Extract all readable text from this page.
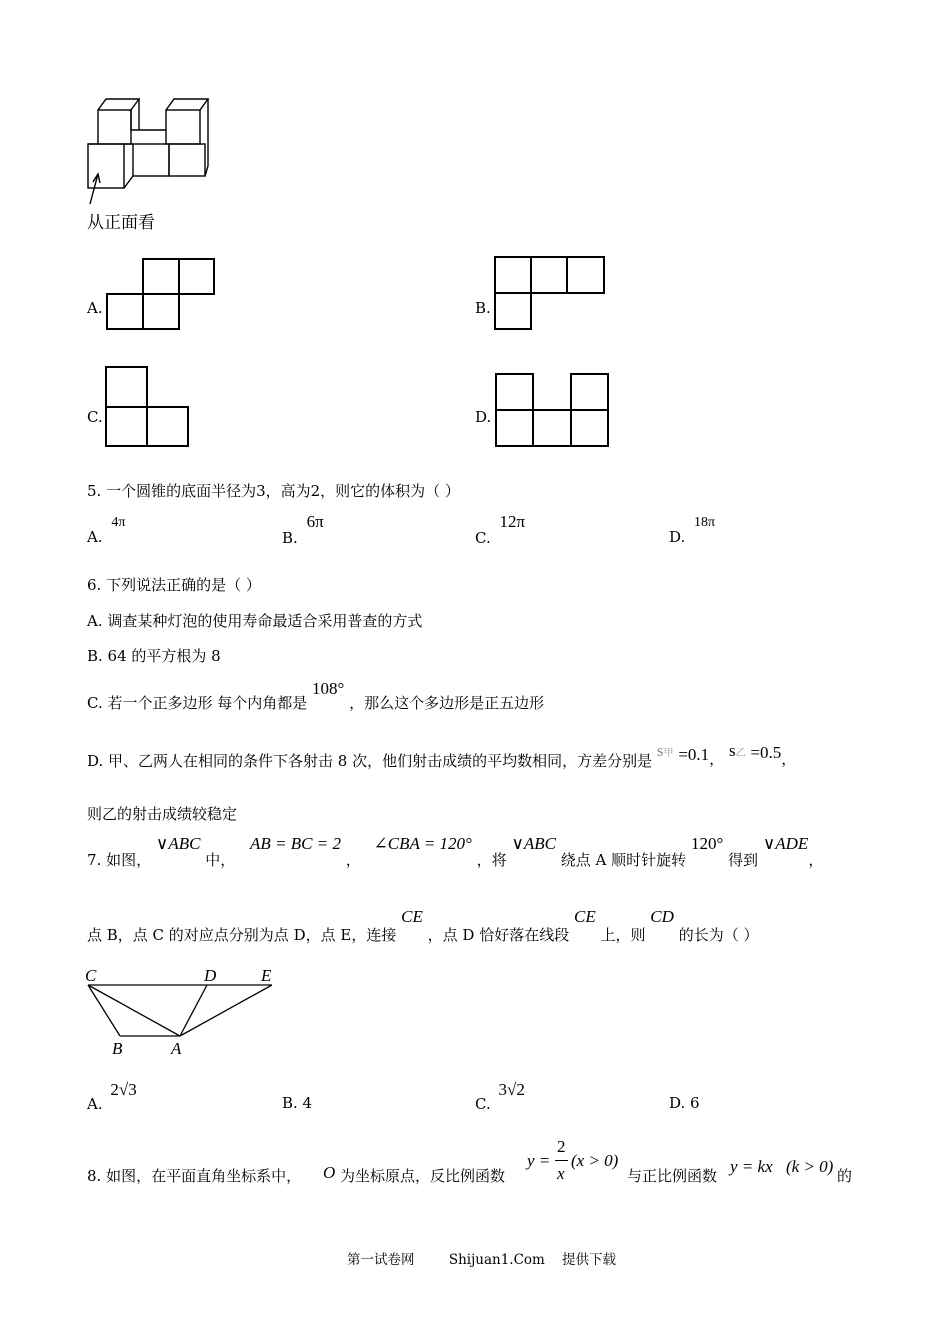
从正面看
A.	B.
C.	D.
5. 一个圆锥的底面半径为3，高为2，则它的体积为（ ）
A. 4π
B. 6π
C. 12π
D. 18π
6. 下列说法正确的是（ ）
A. 调查某种灯泡的使用寿命最适合采用普查的方式
B. 64 的平方根为 8
C. 若一个正多边形 每个内角都是 108° ，那么这个多边形是正五边形
D. 甲、乙两人在相同的条件下各射击 8 次，他们射击成绩的平均数相同，方差分别是 s甲 =0.1， s乙 =0.5，
则乙的射击成绩较稳定
7. 如图， ∨ABC 中， AB = BC = 2 ， ∠CBA = 120° ，将 ∨ABC 绕点 A 顺时针旋转 120° 得到 ∨ADE，
点 B，点 C 的对应点分别为点 D，点 E，连接 CE ，点 D 恰好落在线段 CE 上，则 CD 的长为（ ）
C	D	E
B	A
A. 2√3
B. 4	C. 3√2
D. 6
8. 如图，在平面直角坐标系中， O 为坐标原点，反比例函数
y =
2
x
(x > 0)
与正比例函数 y = kx (k > 0) 的
第一试卷网        Shijuan1.Com    提供下载
